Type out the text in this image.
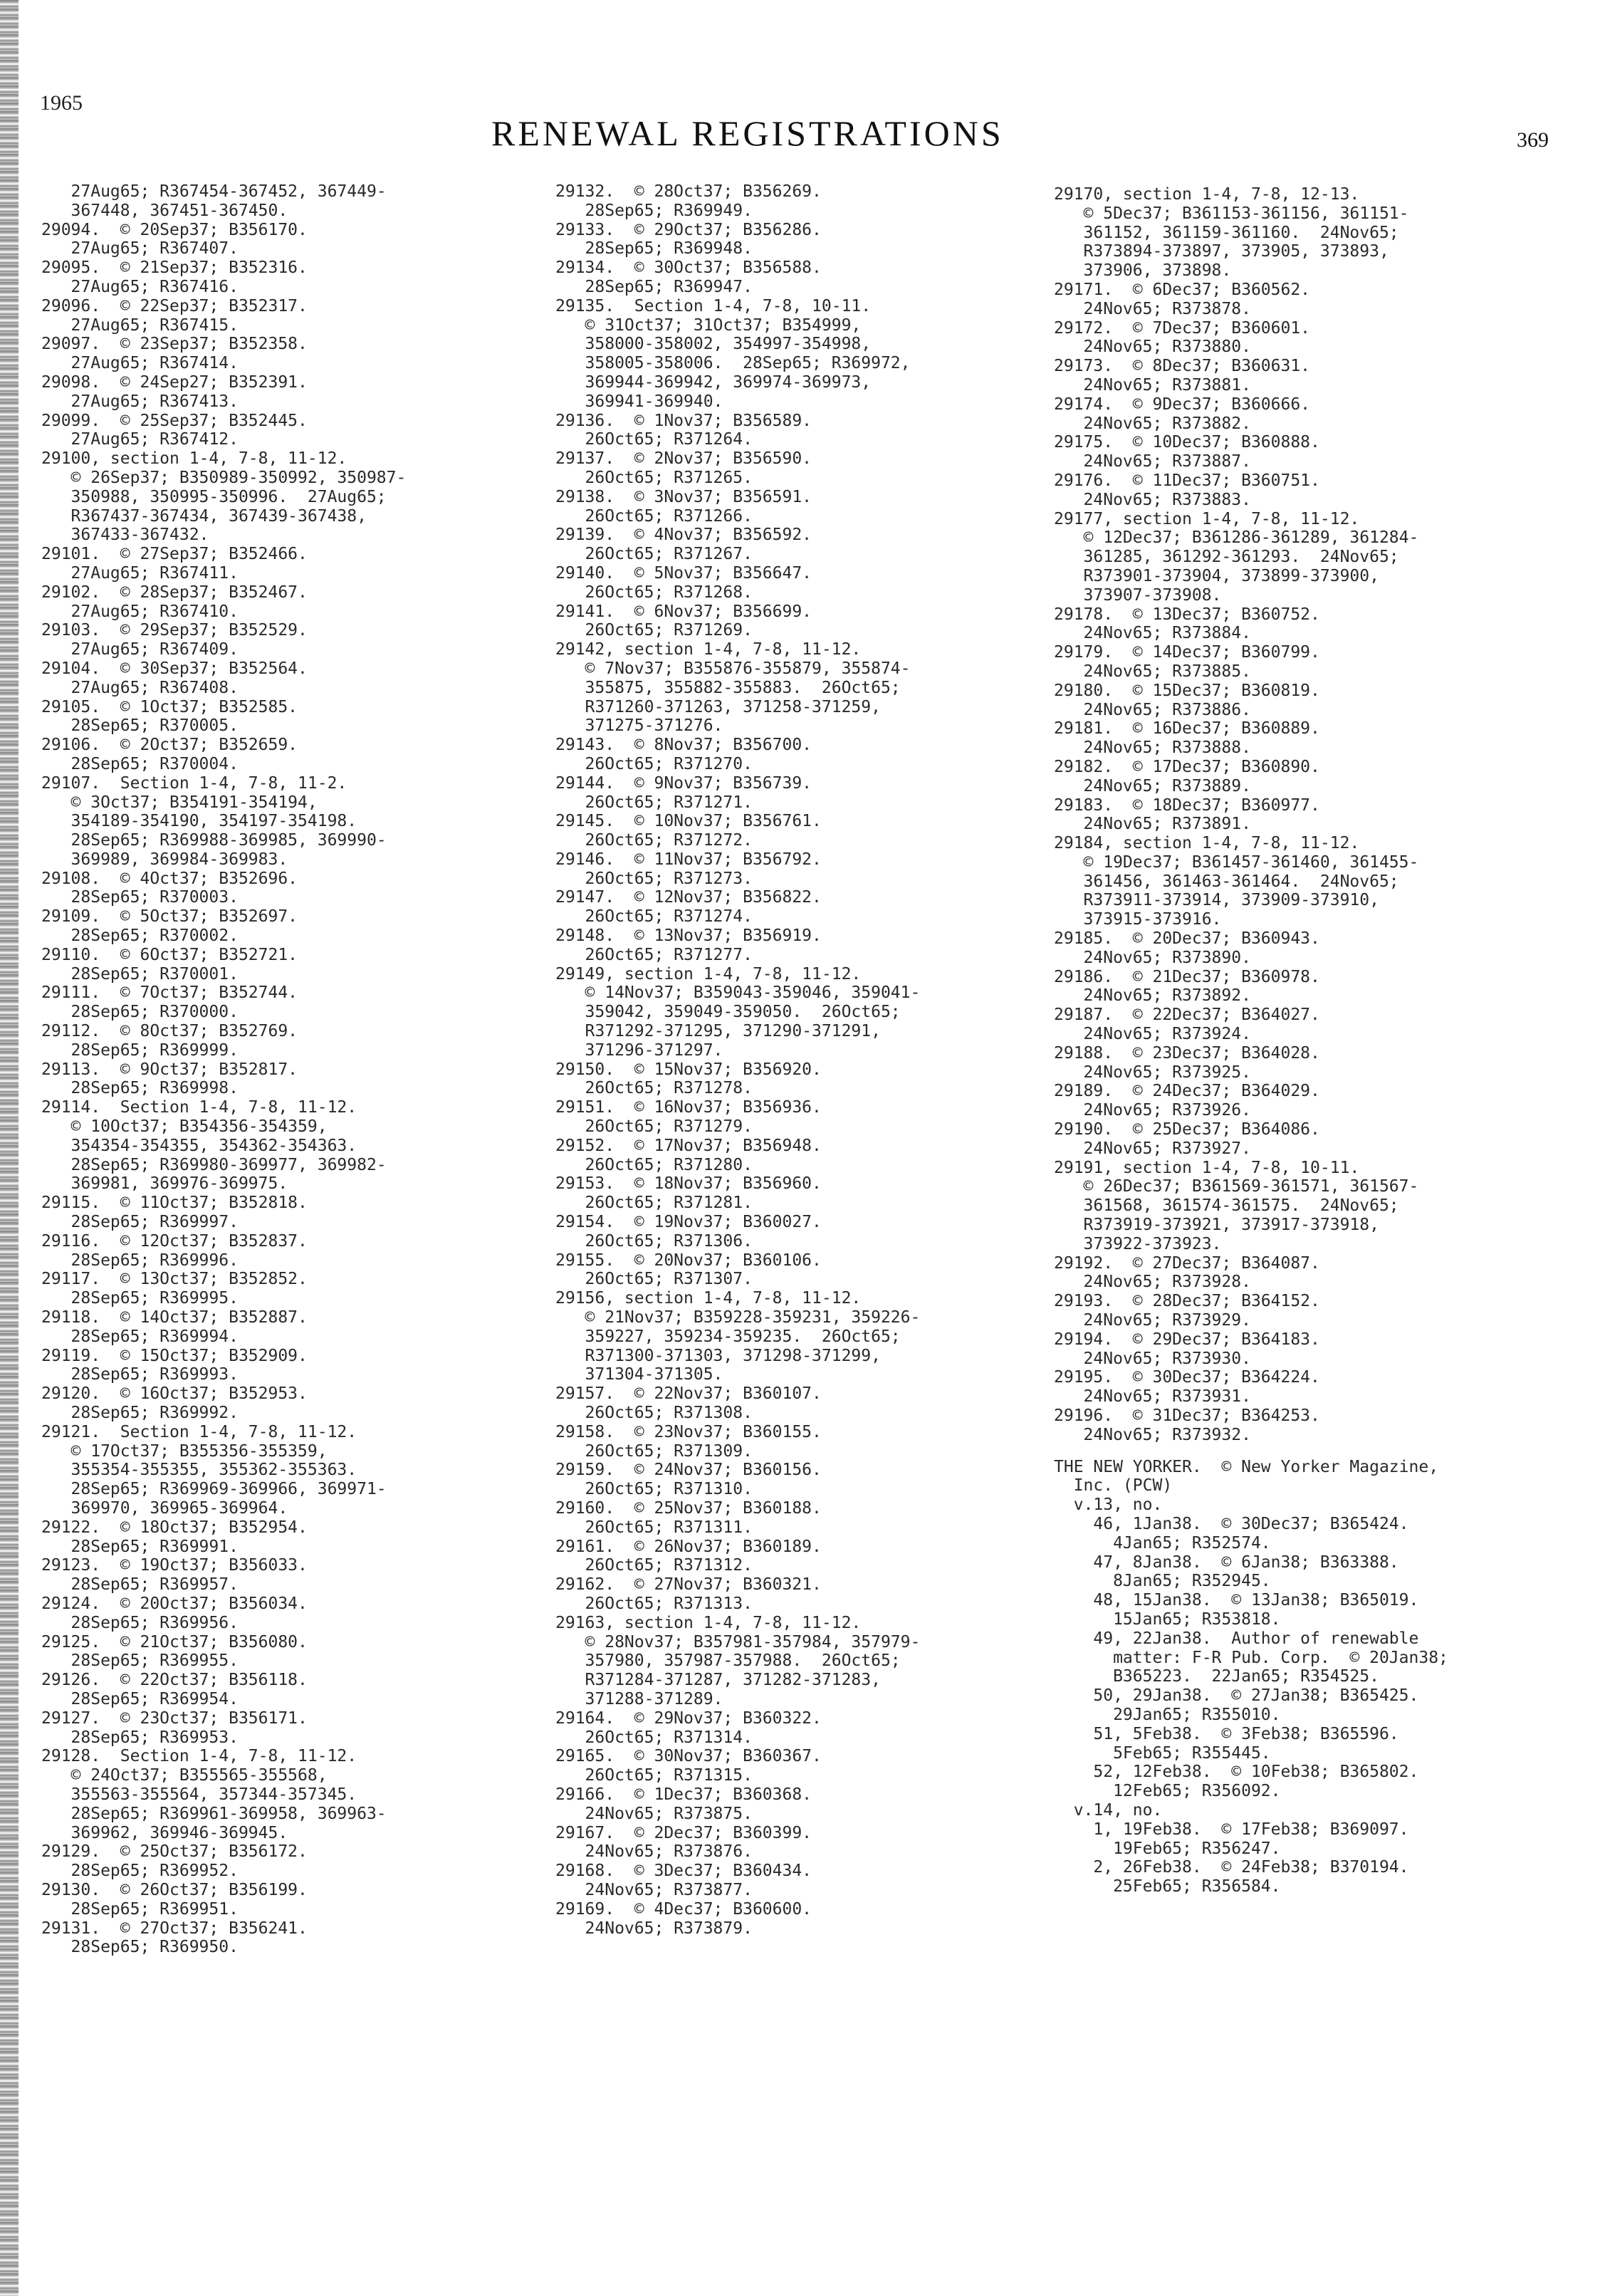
1965
RENEWAL REGISTRATIONS	369
27Aug65; R367454-367452, 367449-
367448, 367451-367450.
29094.  © 20Sep37; B356170.
27Aug65; R367407.
29095.  © 21Sep37; B352316.
27Aug65; R367416.
29096.  © 22Sep37; B352317.
27Aug65; R367415.
29097.  © 23Sep37; B352358.
27Aug65; R367414.
29098.  © 24Sep27; B352391.
27Aug65; R367413.
29099.  © 25Sep37; B352445.
27Aug65; R367412.
29100, section 1-4, 7-8, 11-12.
© 26Sep37; B350989-350992, 350987-
350988, 350995-350996.  27Aug65;
R367437-367434, 367439-367438,
367433-367432.
29101.  © 27Sep37; B352466.
27Aug65; R367411.
29102.  © 28Sep37; B352467.
27Aug65; R367410.
29103.  © 29Sep37; B352529.
27Aug65; R367409.
29104.  © 30Sep37; B352564.
27Aug65; R367408.
29105.  © 1Oct37; B352585.
28Sep65; R370005.
29106.  © 2Oct37; B352659.
28Sep65; R370004.
29107.  Section 1-4, 7-8, 11-2.
© 3Oct37; B354191-354194,
354189-354190, 354197-354198.
28Sep65; R369988-369985, 369990-
369989, 369984-369983.
29108.  © 4Oct37; B352696.
28Sep65; R370003.
29109.  © 5Oct37; B352697.
28Sep65; R370002.
29110.  © 6Oct37; B352721.
28Sep65; R370001.
29111.  © 7Oct37; B352744.
28Sep65; R370000.
29112.  © 8Oct37; B352769.
28Sep65; R369999.
29113.  © 9Oct37; B352817.
28Sep65; R369998.
29114.  Section 1-4, 7-8, 11-12.
© 10Oct37; B354356-354359,
354354-354355, 354362-354363.
28Sep65; R369980-369977, 369982-
369981, 369976-369975.
29115.  © 11Oct37; B352818.
28Sep65; R369997.
29116.  © 12Oct37; B352837.
28Sep65; R369996.
29117.  © 13Oct37; B352852.
28Sep65; R369995.
29118.  © 14Oct37; B352887.
28Sep65; R369994.
29119.  © 15Oct37; B352909.
28Sep65; R369993.
29120.  © 16Oct37; B352953.
28Sep65; R369992.
29121.  Section 1-4, 7-8, 11-12.
© 17Oct37; B355356-355359,
355354-355355, 355362-355363.
28Sep65; R369969-369966, 369971-
369970, 369965-369964.
29122.  © 18Oct37; B352954.
28Sep65; R369991.
29123.  © 19Oct37; B356033.
28Sep65; R369957.
29124.  © 20Oct37; B356034.
28Sep65; R369956.
29125.  © 21Oct37; B356080.
28Sep65; R369955.
29126.  © 22Oct37; B356118.
28Sep65; R369954.
29127.  © 23Oct37; B356171.
28Sep65; R369953.
29128.  Section 1-4, 7-8, 11-12.
© 24Oct37; B355565-355568,
355563-355564, 357344-357345.
28Sep65; R369961-369958, 369963-
369962, 369946-369945.
29129.  © 25Oct37; B356172.
28Sep65; R369952.
29130.  © 26Oct37; B356199.
28Sep65; R369951.
29131.  © 27Oct37; B356241.
28Sep65; R369950.
29132.  © 28Oct37; B356269.
28Sep65; R369949.
29133.  © 29Oct37; B356286.
28Sep65; R369948.
29134.  © 30Oct37; B356588.
28Sep65; R369947.
29135.  Section 1-4, 7-8, 10-11.
© 31Oct37; 31Oct37; B354999,
358000-358002, 354997-354998,
358005-358006.  28Sep65; R369972,
369944-369942, 369974-369973,
369941-369940.
29136.  © 1Nov37; B356589.
26Oct65; R371264.
29137.  © 2Nov37; B356590.
26Oct65; R371265.
29138.  © 3Nov37; B356591.
26Oct65; R371266.
29139.  © 4Nov37; B356592.
26Oct65; R371267.
29140.  © 5Nov37; B356647.
26Oct65; R371268.
29141.  © 6Nov37; B356699.
26Oct65; R371269.
29142, section 1-4, 7-8, 11-12.
© 7Nov37; B355876-355879, 355874-
355875, 355882-355883.  26Oct65;
R371260-371263, 371258-371259,
371275-371276.
29143.  © 8Nov37; B356700.
26Oct65; R371270.
29144.  © 9Nov37; B356739.
26Oct65; R371271.
29145.  © 10Nov37; B356761.
26Oct65; R371272.
29146.  © 11Nov37; B356792.
26Oct65; R371273.
29147.  © 12Nov37; B356822.
26Oct65; R371274.
29148.  © 13Nov37; B356919.
26Oct65; R371277.
29149, section 1-4, 7-8, 11-12.
© 14Nov37; B359043-359046, 359041-
359042, 359049-359050.  26Oct65;
R371292-371295, 371290-371291,
371296-371297.
29150.  © 15Nov37; B356920.
26Oct65; R371278.
29151.  © 16Nov37; B356936.
26Oct65; R371279.
29152.  © 17Nov37; B356948.
26Oct65; R371280.
29153.  © 18Nov37; B356960.
26Oct65; R371281.
29154.  © 19Nov37; B360027.
26Oct65; R371306.
29155.  © 20Nov37; B360106.
26Oct65; R371307.
29156, section 1-4, 7-8, 11-12.
© 21Nov37; B359228-359231, 359226-
359227, 359234-359235.  26Oct65;
R371300-371303, 371298-371299,
371304-371305.
29157.  © 22Nov37; B360107.
26Oct65; R371308.
29158.  © 23Nov37; B360155.
26Oct65; R371309.
29159.  © 24Nov37; B360156.
26Oct65; R371310.
29160.  © 25Nov37; B360188.
26Oct65; R371311.
29161.  © 26Nov37; B360189.
26Oct65; R371312.
29162.  © 27Nov37; B360321.
26Oct65; R371313.
29163, section 1-4, 7-8, 11-12.
© 28Nov37; B357981-357984, 357979-
357980, 357987-357988.  26Oct65;
R371284-371287, 371282-371283,
371288-371289.
29164.  © 29Nov37; B360322.
26Oct65; R371314.
29165.  © 30Nov37; B360367.
26Oct65; R371315.
29166.  © 1Dec37; B360368.
24Nov65; R373875.
29167.  © 2Dec37; B360399.
24Nov65; R373876.
29168.  © 3Dec37; B360434.
24Nov65; R373877.
29169.  © 4Dec37; B360600.
24Nov65; R373879.
29170, section 1-4, 7-8, 12-13.
© 5Dec37; B361153-361156, 361151-
361152, 361159-361160.  24Nov65;
R373894-373897, 373905, 373893,
373906, 373898.
29171.  © 6Dec37; B360562.
24Nov65; R373878.
29172.  © 7Dec37; B360601.
24Nov65; R373880.
29173.  © 8Dec37; B360631.
24Nov65; R373881.
29174.  © 9Dec37; B360666.
24Nov65; R373882.
29175.  © 10Dec37; B360888.
24Nov65; R373887.
29176.  © 11Dec37; B360751.
24Nov65; R373883.
29177, section 1-4, 7-8, 11-12.
© 12Dec37; B361286-361289, 361284-
361285, 361292-361293.  24Nov65;
R373901-373904, 373899-373900,
373907-373908.
29178.  © 13Dec37; B360752.
24Nov65; R373884.
29179.  © 14Dec37; B360799.
24Nov65; R373885.
29180.  © 15Dec37; B360819.
24Nov65; R373886.
29181.  © 16Dec37; B360889.
24Nov65; R373888.
29182.  © 17Dec37; B360890.
24Nov65; R373889.
29183.  © 18Dec37; B360977.
24Nov65; R373891.
29184, section 1-4, 7-8, 11-12.
© 19Dec37; B361457-361460, 361455-
361456, 361463-361464.  24Nov65;
R373911-373914, 373909-373910,
373915-373916.
29185.  © 20Dec37; B360943.
24Nov65; R373890.
29186.  © 21Dec37; B360978.
24Nov65; R373892.
29187.  © 22Dec37; B364027.
24Nov65; R373924.
29188.  © 23Dec37; B364028.
24Nov65; R373925.
29189.  © 24Dec37; B364029.
24Nov65; R373926.
29190.  © 25Dec37; B364086.
24Nov65; R373927.
29191, section 1-4, 7-8, 10-11.
© 26Dec37; B361569-361571, 361567-
361568, 361574-361575.  24Nov65;
R373919-373921, 373917-373918,
373922-373923.
29192.  © 27Dec37; B364087.
24Nov65; R373928.
29193.  © 28Dec37; B364152.
24Nov65; R373929.
29194.  © 29Dec37; B364183.
24Nov65; R373930.
29195.  © 30Dec37; B364224.
24Nov65; R373931.
29196.  © 31Dec37; B364253.
24Nov65; R373932.
THE NEW YORKER.  © New Yorker Magazine,
Inc. (PCW)
v.13, no.
46, 1Jan38.  © 30Dec37; B365424.
4Jan65; R352574.
47, 8Jan38.  © 6Jan38; B363388.
8Jan65; R352945.
48, 15Jan38.  © 13Jan38; B365019.
15Jan65; R353818.
49, 22Jan38.  Author of renewable
matter: F-R Pub. Corp.  © 20Jan38;
B365223.  22Jan65; R354525.
50, 29Jan38.  © 27Jan38; B365425.
29Jan65; R355010.
51, 5Feb38.  © 3Feb38; B365596.
5Feb65; R355445.
52, 12Feb38.  © 10Feb38; B365802.
12Feb65; R356092.
v.14, no.
1, 19Feb38.  © 17Feb38; B369097.
19Feb65; R356247.
2, 26Feb38.  © 24Feb38; B370194.
25Feb65; R356584.
